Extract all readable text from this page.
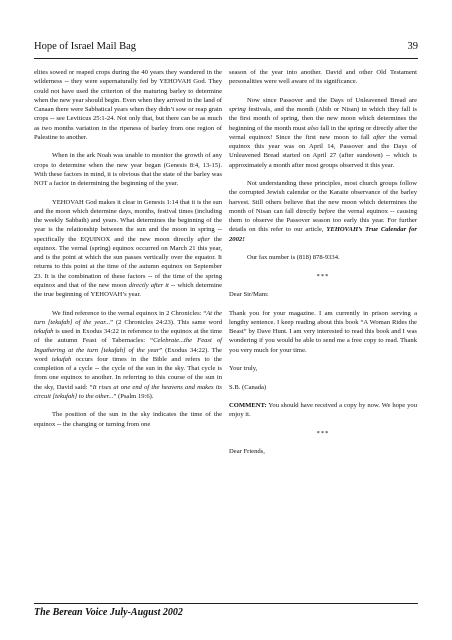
Hope of Israel Mail Bag	39

elites sowed or reaped crops during the 40 years they wandered in the wilderness -- they were supernaturally fed by YEHOVAH God. They could not have used the criterion of the maturing barley to determine when the new year should begin. Even when they arrived in the land of Canaan there were Sabbatical years when they didn’t sow or reap grain crops -- see Leviticus 25:1-24. Not only that, but there can be as much as two months variation in the ripeness of barley from one region of Palestine to another.

When in the ark Noah was unable to monitor the growth of any crops to determine when the new year began (Genesis 8:4, 13-15). With these factors in mind, it is obvious that the state of the barley was NOT a factor in determining the beginning of the year.

YEHOVAH God makes it clear in Genesis 1:14 that it is the sun and the moon which determine days, months, festival times (including the weekly Sabbath) and years. What determines the beginning of the year is the relationship between the sun and the moon in spring -- specifically the EQUINOX and the new moon directly after the equinox. The vernal (spring) equinox occurred on March 21 this year, and is the point at which the sun passes vertically over the equator. It returns to this point at the time of the autumn equinox on September 23. It is the combination of these factors -- of the time of the spring equinox and that of the new moon directly after it -- which determine the true beginning of YEHOVAH’s year.

We find reference to the vernal equinox in 2 Chronicles: “At the turn [tekufah] of the year...” (2 Chronicles 24:23). This same word tekufah is used in Exodus 34:22 in reference to the equinox at the time of the autumn Feast of Tabernacles: “Celebrate...the Feast of Ingathering at the turn [tekufah] of the year” (Exodus 34:22). The word tekufah occurs four times in the Bible and refers to the completion of a cycle -- the cycle of the sun in the sky. That cycle is from one equinox to another. In referring to this course of the sun in the sky, David said: “It rises at one end of the heavens and makes its circuit [tekufah] to the other...” (Psalm 19:6).

The position of the sun in the sky indicates the time of the equinox -- the changing or turning from one

season of the year into another. David and other Old Testament personalities were well aware of its significance.

Now since Passover and the Days of Unleavened Bread are spring festivals, and the month (Abib or Nisan) in which they fall is the first month of spring, then the new moon which determines the beginning of the month must also fall in the spring or directly after the vernal equinox! Since the first new moon to fall after the vernal equinox this year was on April 14, Passover and the Days of Unleavened Bread started on April 27 (after sundown) -- which is approximately a month after most groups observed it this year.

Not understanding these principles, most church groups follow the corrupted Jewish calendar or the Karaite observance of the barley harvest. Still others believe that the new moon which determines the month of Nisan can fall directly before the vernal equinox -- causing them to observe the Passover season too early this year. For further details on this refer to our article, YEHOVAH’s True Calendar for 2002!

Our fax number is (818) 878-9334.

***

Dear Sir/Mam:

Thank you for your magazine. I am currently in prison serving a lengthy sentence. I keep reading about this book “A Woman Rides the Beast” by Dave Hunt. I am very interested to read this book and I was wondering if you would be able to send me a free copy to read. Thank you very much for your time.

Your truly,

S.B. (Canada)

COMMENT: You should have received a copy by now. We hope you enjoy it.

***

Dear Friends,

The Berean Voice July-August 2002
